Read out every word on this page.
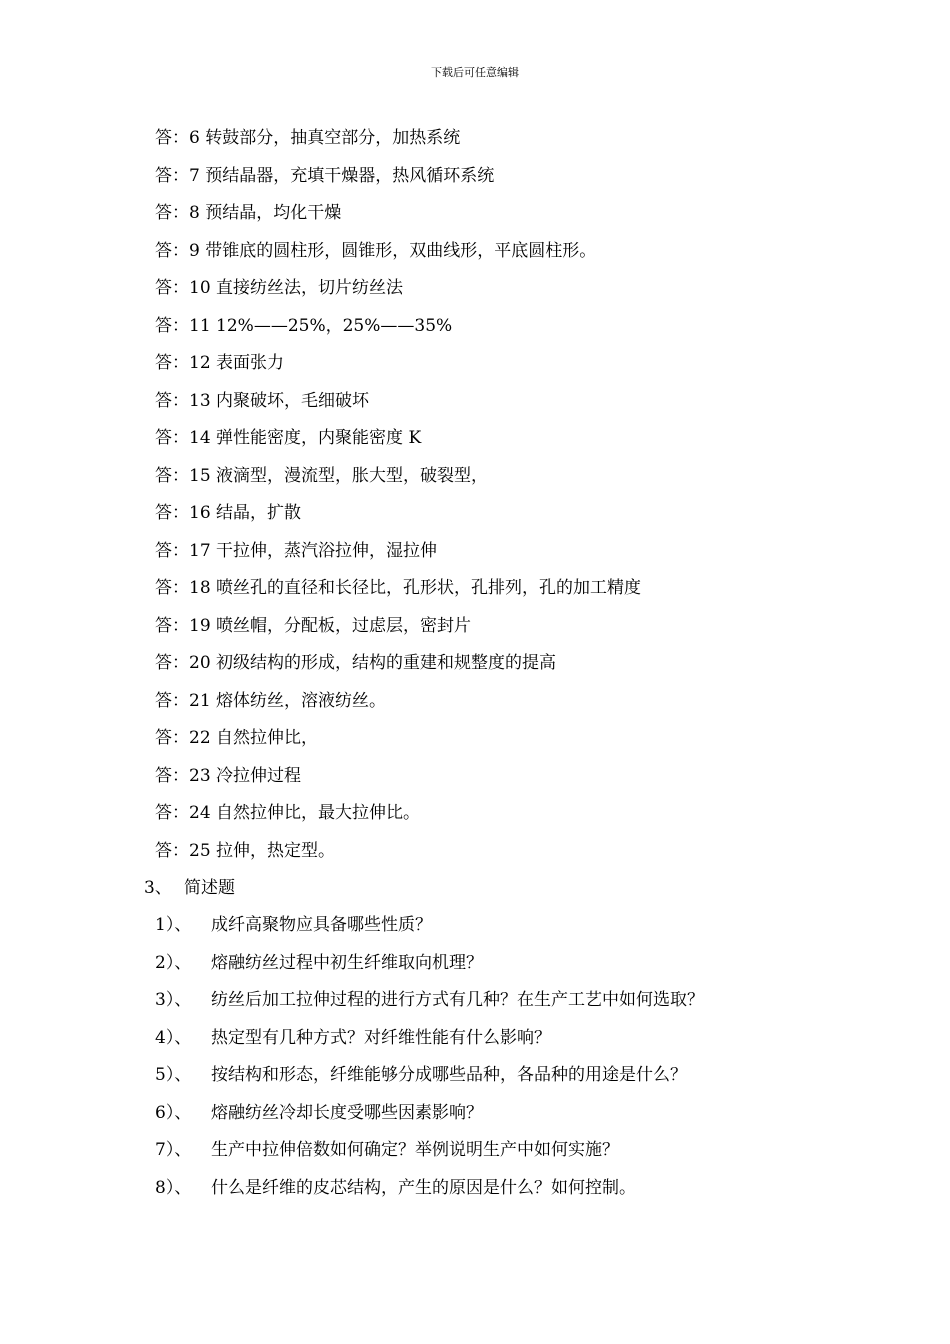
下载后可任意编辑
答：6 转鼓部分，抽真空部分，加热系统
答：7 预结晶器，充填干燥器，热风循环系统
答：8 预结晶，均化干燥
答：9 带锥底的圆柱形，圆锥形，双曲线形，平底圆柱形。
答：10 直接纺丝法，切片纺丝法
答：11 12%——25%，25%——35%
答：12 表面张力
答：13 内聚破坏，毛细破坏
答：14 弹性能密度，内聚能密度 K
答：15 液滴型，漫流型，胀大型，破裂型，
答：16 结晶，扩散
答：17 干拉伸，蒸汽浴拉伸，湿拉伸
答：18 喷丝孔的直径和长径比，孔形状，孔排列，孔的加工精度
答：19 喷丝帽，分配板，过虑层，密封片
答：20 初级结构的形成，结构的重建和规整度的提高
答：21 熔体纺丝，溶液纺丝。
答：22 自然拉伸比，
答：23 冷拉伸过程
答：24 自然拉伸比，最大拉伸比。
答：25 拉伸，热定型。
3、 简述题
1）、 成纤高聚物应具备哪些性质？
2）、 熔融纺丝过程中初生纤维取向机理？
3）、 纺丝后加工拉伸过程的进行方式有几种？在生产工艺中如何选取？
4）、 热定型有几种方式？对纤维性能有什么影响？
5）、 按结构和形态，纤维能够分成哪些品种，各品种的用途是什么？
6）、 熔融纺丝冷却长度受哪些因素影响？
7）、 生产中拉伸倍数如何确定？举例说明生产中如何实施？
8）、 什么是纤维的皮芯结构，产生的原因是什么？如何控制。
